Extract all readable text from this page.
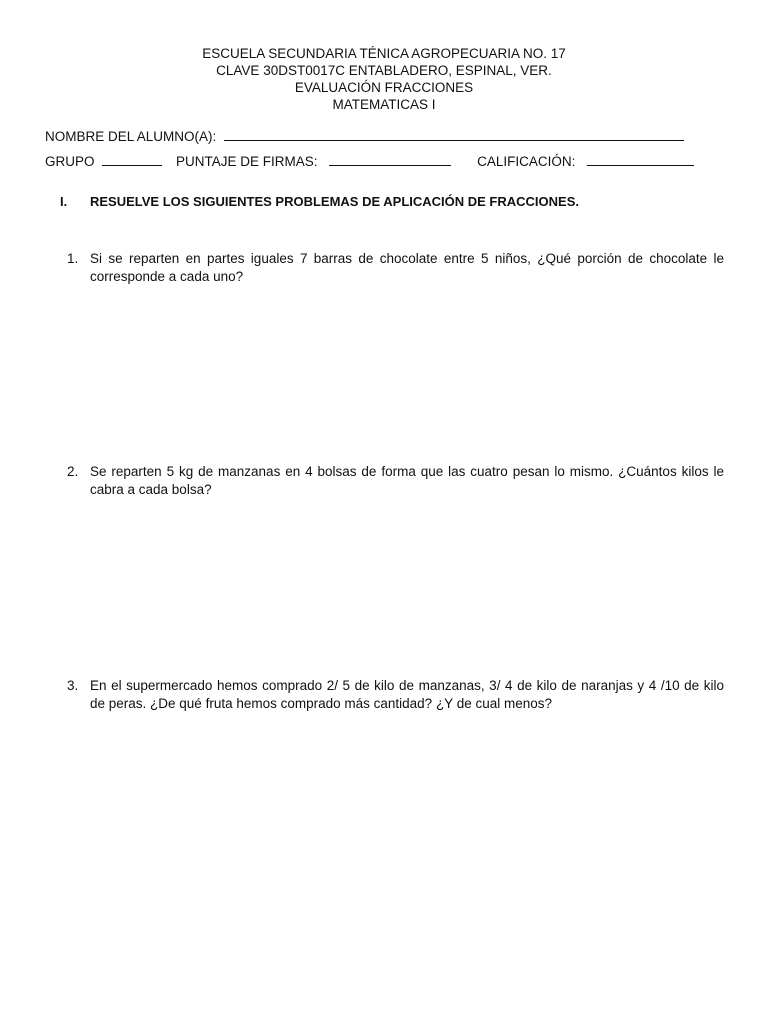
ESCUELA SECUNDARIA TÉNICA AGROPECUARIA NO. 17
CLAVE 30DST0017C ENTABLADERO, ESPINAL, VER.
EVALUACIÓN FRACCIONES
MATEMATICAS I
NOMBRE DEL ALUMNO(A):
GRUPO	PUNTAJE DE FIRMAS:	CALIFICACIÓN:
I. RESUELVE LOS SIGUIENTES PROBLEMAS DE APLICACIÓN DE FRACCIONES.
1. Si se reparten en partes iguales 7 barras de chocolate entre 5 niños, ¿Qué porción de chocolate le corresponde a cada uno?
2. Se reparten 5 kg de manzanas en 4 bolsas de forma que las cuatro pesan lo mismo. ¿Cuántos kilos le cabra a cada bolsa?
3. En el supermercado hemos comprado 2/ 5 de kilo de manzanas, 3/ 4 de kilo de naranjas y 4 /10 de kilo de peras. ¿De qué fruta hemos comprado más cantidad? ¿Y de cual menos?
